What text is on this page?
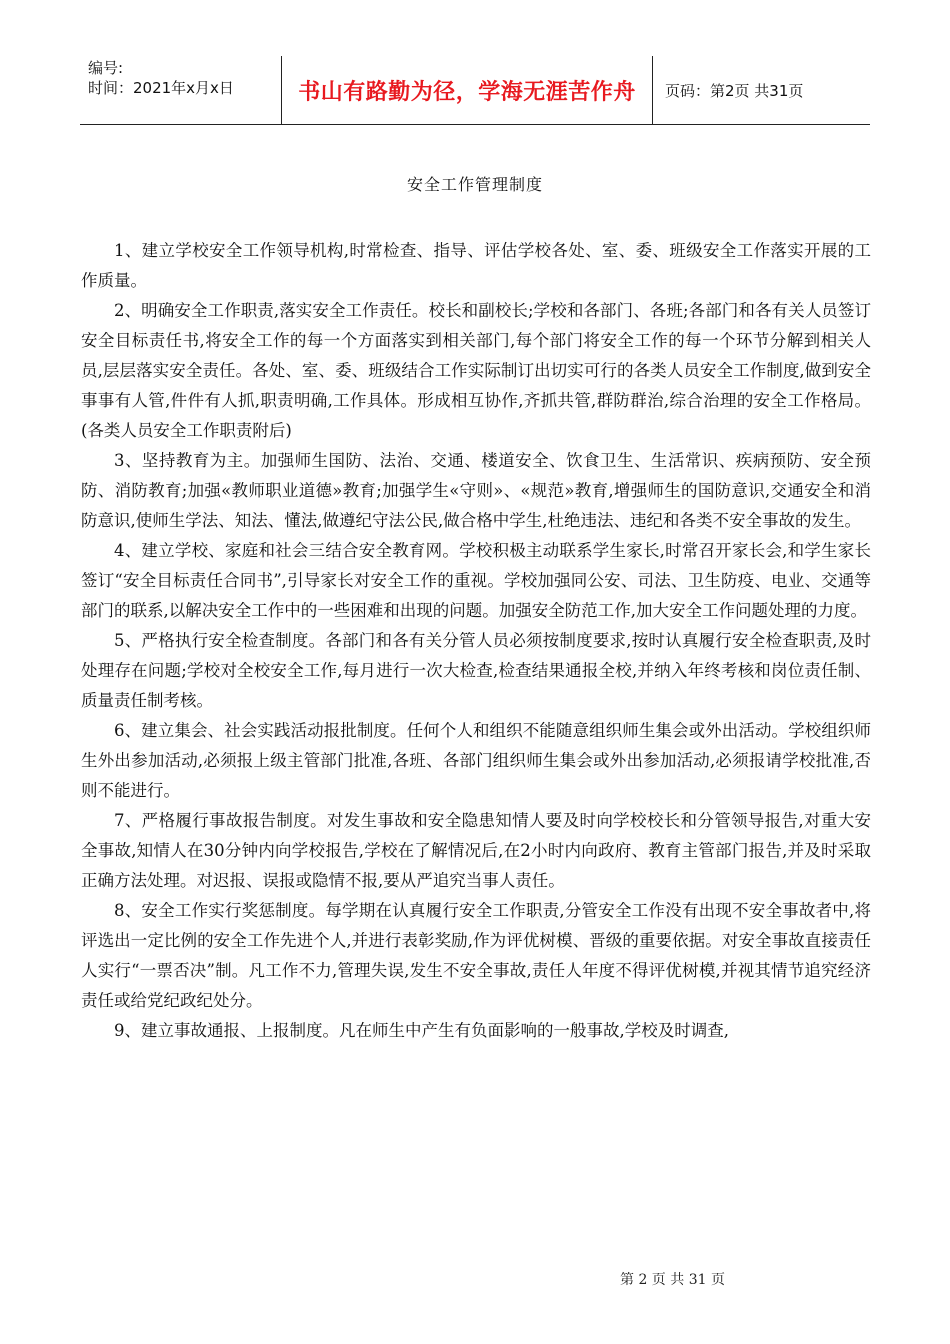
编号:
时间：2021年x月x日	书山有路勤为径，学海无涯苦作舟	页码：第2页 共31页
安全工作管理制度

1、建立学校安全工作领导机构,时常检查、指导、评估学校各处、室、委、班级安全工作落实开展的工作质量。

2、明确安全工作职责,落实安全工作责任。校长和副校长;学校和各部门、各班;各部门和各有关人员签订安全目标责任书,将安全工作的每一个方面落实到相关部门,每个部门将安全工作的每一个环节分解到相关人员,层层落实安全责任。各处、室、委、班级结合工作实际制订出切实可行的各类人员安全工作制度,做到安全事事有人管,件件有人抓,职责明确,工作具体。形成相互协作,齐抓共管,群防群治,综合治理的安全工作格局。(各类人员安全工作职责附后)

3、坚持教育为主。加强师生国防、法治、交通、楼道安全、饮食卫生、生活常识、疾病预防、安全预防、消防教育;加强«教师职业道德»教育;加强学生«守则»、«规范»教育,增强师生的国防意识,交通安全和消防意识,使师生学法、知法、懂法,做遵纪守法公民,做合格中学生,杜绝违法、违纪和各类不安全事故的发生。

4、建立学校、家庭和社会三结合安全教育网。学校积极主动联系学生家长,时常召开家长会,和学生家长签订“安全目标责任合同书”,引导家长对安全工作的重视。学校加强同公安、司法、卫生防疫、电业、交通等部门的联系,以解决安全工作中的一些困难和出现的问题。加强安全防范工作,加大安全工作问题处理的力度。

5、严格执行安全检查制度。各部门和各有关分管人员必须按制度要求,按时认真履行安全检查职责,及时处理存在问题;学校对全校安全工作,每月进行一次大检查,检查结果通报全校,并纳入年终考核和岗位责任制、质量责任制考核。

6、建立集会、社会实践活动报批制度。任何个人和组织不能随意组织师生集会或外出活动。学校组织师生外出参加活动,必须报上级主管部门批准,各班、各部门组织师生集会或外出参加活动,必须报请学校批准,否则不能进行。

7、严格履行事故报告制度。对发生事故和安全隐患知情人要及时向学校校长和分管领导报告,对重大安全事故,知情人在30分钟内向学校报告,学校在了解情况后,在2小时内向政府、教育主管部门报告,并及时采取正确方法处理。对迟报、误报或隐情不报,要从严追究当事人责任。

8、安全工作实行奖惩制度。每学期在认真履行安全工作职责,分管安全工作没有出现不安全事故者中,将评选出一定比例的安全工作先进个人,并进行表彰奖励,作为评优树模、晋级的重要依据。对安全事故直接责任人实行“一票否决”制。凡工作不力,管理失误,发生不安全事故,责任人年度不得评优树模,并视其情节追究经济责任或给党纪政纪处分。

9、建立事故通报、上报制度。凡在师生中产生有负面影响的一般事故,学校及时调查,

第 2 页 共 31 页
